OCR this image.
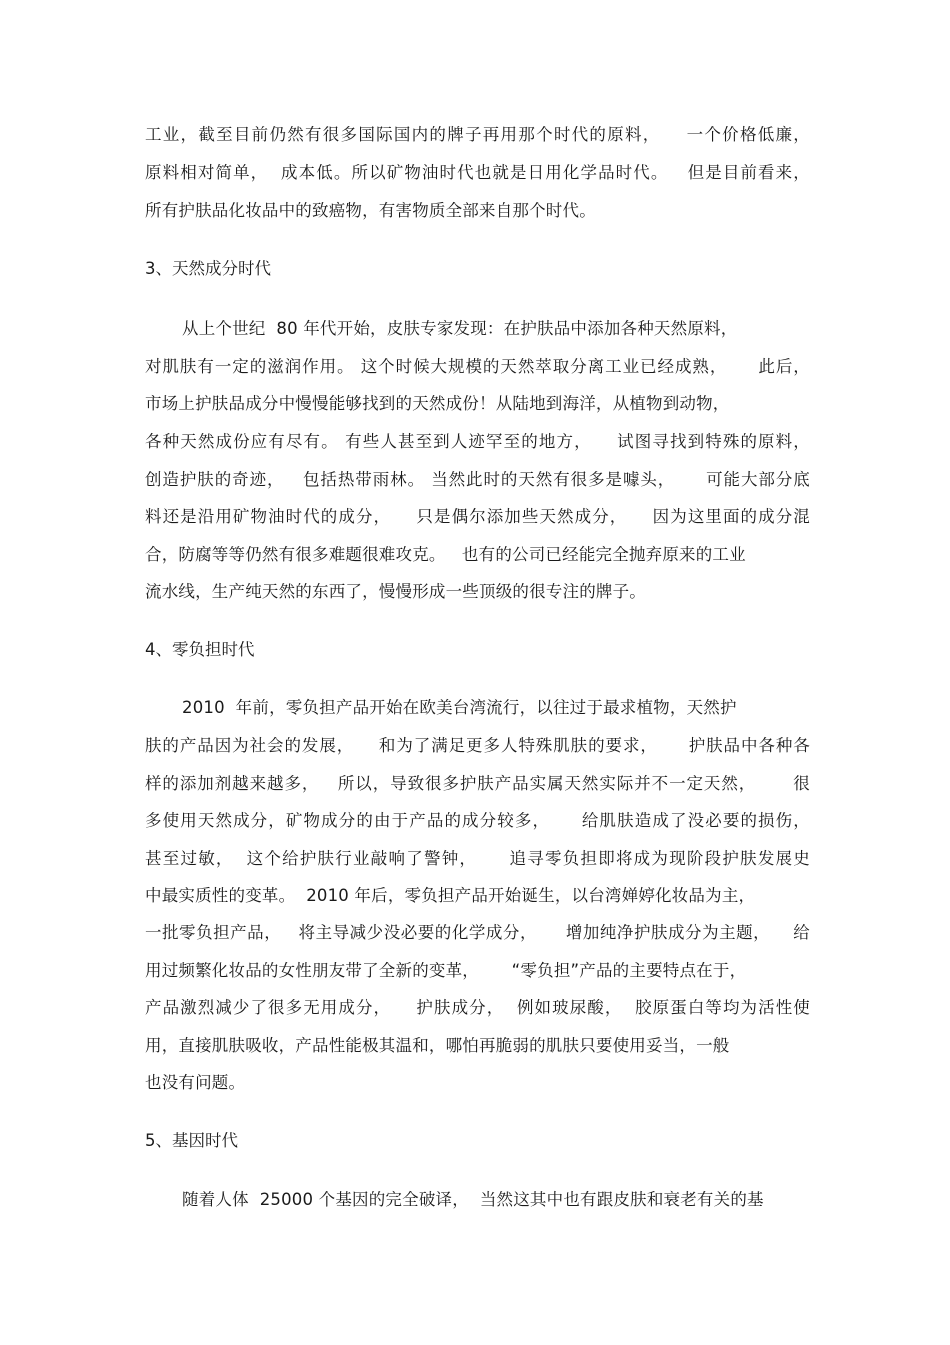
工业，截至目前仍然有很多国际国内的牌子再用那个时代的原料，    一个价格低廉，
原料相对简单，  成本低。所以矿物油时代也就是日用化学品时代。   但是目前看来，
所有护肤品化妆品中的致癌物，有害物质全部来自那个时代。
3、天然成分时代
从上个世纪  80 年代开始，皮肤专家发现：在护肤品中添加各种天然原料，
对肌肤有一定的滋润作用。 这个时候大规模的天然萃取分离工业已经成熟，     此后，
市场上护肤品成分中慢慢能够找到的天然成份！从陆地到海洋，从植物到动物，
各种天然成份应有尽有。 有些人甚至到人迹罕至的地方，    试图寻找到特殊的原料，
创造护肤的奇迹，   包括热带雨林。 当然此时的天然有很多是噱头，     可能大部分底
料还是沿用矿物油时代的成分，    只是偶尔添加些天然成分，    因为这里面的成分混
合，防腐等等仍然有很多难题很难攻克。   也有的公司已经能完全抛弃原来的工业
流水线，生产纯天然的东西了，慢慢形成一些顶级的很专注的牌子。
4、零负担时代
2010  年前，零负担产品开始在欧美台湾流行，以往过于最求植物，天然护
肤的产品因为社会的发展，    和为了满足更多人特殊肌肤的要求，     护肤品中各种各
样的添加剂越来越多，   所以，导致很多护肤产品实属天然实际并不一定天然，      很
多使用天然成分，矿物成分的由于产品的成分较多，     给肌肤造成了没必要的损伤，
甚至过敏，  这个给护肤行业敲响了警钟，     追寻零负担即将成为现阶段护肤发展史
中最实质性的变革。  2010 年后，零负担产品开始诞生，以台湾婵婷化妆品为主，
一批零负担产品，   将主导减少没必要的化学成分，     增加纯净护肤成分为主题，    给
用过频繁化妆品的女性朋友带了全新的变革，      “零负担”产品的主要特点在于，
产品激烈减少了很多无用成分，    护肤成分，  例如玻尿酸，  胶原蛋白等均为活性使
用，直接肌肤吸收，产品性能极其温和，哪怕再脆弱的肌肤只要使用妥当，一般
也没有问题。
5、基因时代
随着人体  25000 个基因的完全破译，  当然这其中也有跟皮肤和衰老有关的基
